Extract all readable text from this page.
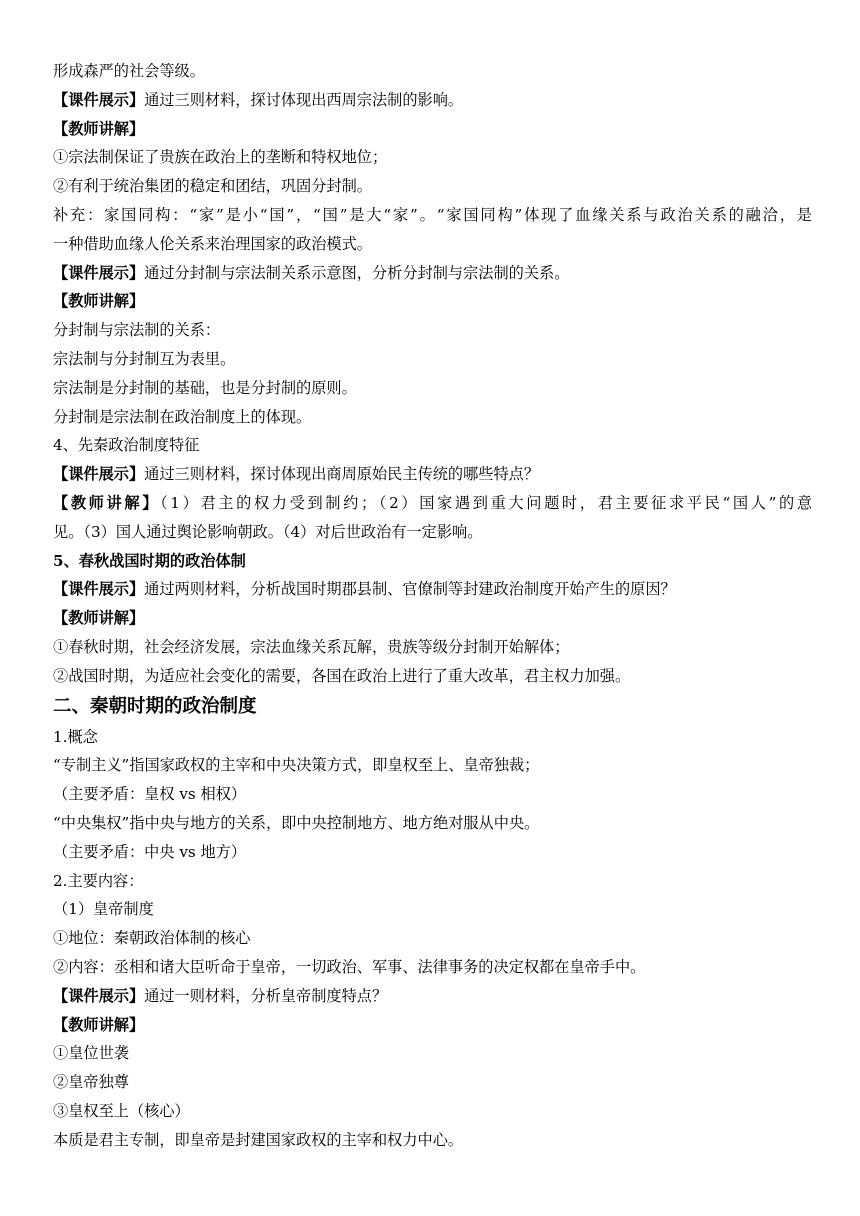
形成森严的社会等级。
【课件展示】通过三则材料，探讨体现出西周宗法制的影响。
【教师讲解】
①宗法制保证了贵族在政治上的垄断和特权地位；
②有利于统治集团的稳定和团结，巩固分封制。
补充：家国同构：“家”是小“国”，“国”是大“家”。“家国同构”体现了血缘关系与政治关系的融洽，是
一种借助血缘人伦关系来治理国家的政治模式。
【课件展示】通过分封制与宗法制关系示意图，分析分封制与宗法制的关系。
【教师讲解】
分封制与宗法制的关系：
宗法制与分封制互为表里。
宗法制是分封制的基础，也是分封制的原则。
分封制是宗法制在政治制度上的体现。
4、先秦政治制度特征
【课件展示】通过三则材料，探讨体现出商周原始民主传统的哪些特点？
【教师讲解】（1）君主的权力受到制约；（2）国家遇到重大问题时，君主要征求平民“国人”的意
见。（3）国人通过舆论影响朝政。（4）对后世政治有一定影响。
5、春秋战国时期的政治体制
【课件展示】通过两则材料，分析战国时期郡县制、官僚制等封建政治制度开始产生的原因？
【教师讲解】
①春秋时期，社会经济发展，宗法血缘关系瓦解，贵族等级分封制开始解体；
②战国时期，为适应社会变化的需要，各国在政治上进行了重大改革，君主权力加强。
二、秦朝时期的政治制度
1.概念
“专制主义”指国家政权的主宰和中央决策方式，即皇权至上、皇帝独裁；
（主要矛盾：皇权 vs 相权）
“中央集权”指中央与地方的关系，即中央控制地方、地方绝对服从中央。
（主要矛盾：中央 vs 地方）
2.主要内容：
（1）皇帝制度
①地位：秦朝政治体制的核心
②内容：丞相和诸大臣听命于皇帝，一切政治、军事、法律事务的决定权都在皇帝手中。
【课件展示】通过一则材料，分析皇帝制度特点？
【教师讲解】
①皇位世袭
②皇帝独尊
③皇权至上（核心）
本质是君主专制，即皇帝是封建国家政权的主宰和权力中心。
